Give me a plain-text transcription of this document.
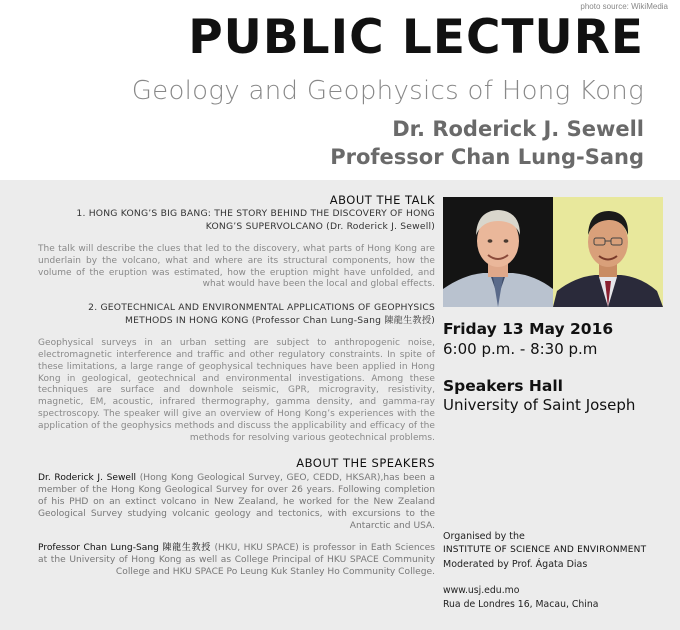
photo source: WikiMedia
PUBLIC LECTURE
Geology and Geophysics of Hong Kong
Dr. Roderick J. Sewell
Professor Chan Lung-Sang
ABOUT THE TALK
1. HONG KONG’S BIG BANG: THE STORY BEHIND THE DISCOVERY OF HONG KONG’S SUPERVOLCANO (Dr. Roderick J. Sewell)

The talk will describe the clues that led to the discovery, what parts of Hong Kong are underlain by the volcano, what and where are its structural components, how the volume of the eruption was estimated, how the eruption might have unfolded, and what would have been the local and global effects.

2. GEOTECHNICAL AND ENVIRONMENTAL APPLICATIONS OF GEOPHYSICS METHODS IN HONG KONG (Professor Chan Lung-Sang 陳龍生教授)

Geophysical surveys in an urban setting are subject to anthropogenic noise, electromagnetic interference and traffic and other regulatory constraints. In spite of these limitations, a large range of geophysical techniques have been applied in Hong Kong in geological, geotechnical and environmental investigations. Among these techniques are surface and downhole seismic, GPR, microgravity, resistivity, magnetic, EM, acoustic, infrared thermography, gamma density, and gamma-ray spectroscopy. The speaker will give an overview of Hong Kong’s experiences with the application of the geophysics methods and discuss the applicability and efficacy of the methods for resolving various geotechnical problems.

ABOUT THE SPEAKERS

Dr. Roderick J. Sewell (Hong Kong Geological Survey, GEO, CEDD, HKSAR),has been a member of the Hong Kong Geological Survey for over 26 years. Following completion of his PHD on an extinct volcano in New Zealand, he worked for the New Zealand Geological Survey studying volcanic geology and tectonics, with excursions to the Antarctic and USA.

Professor Chan Lung-Sang 陳龍生教授 (HKU, HKU SPACE) is professor in Eath Sciences at the University of Hong Kong as well as College Principal of HKU SPACE Community College and HKU SPACE Po Leung Kuk Stanley Ho Community College.

Friday 13 May 2016
6:00 p.m. - 8:30 p.m
Speakers Hall
University of Saint Joseph
Organised by the
INSTITUTE OF SCIENCE AND ENVIRONMENT
Moderated by Prof. Ágata Dias
www.usj.edu.mo
Rua de Londres 16, Macau, China
